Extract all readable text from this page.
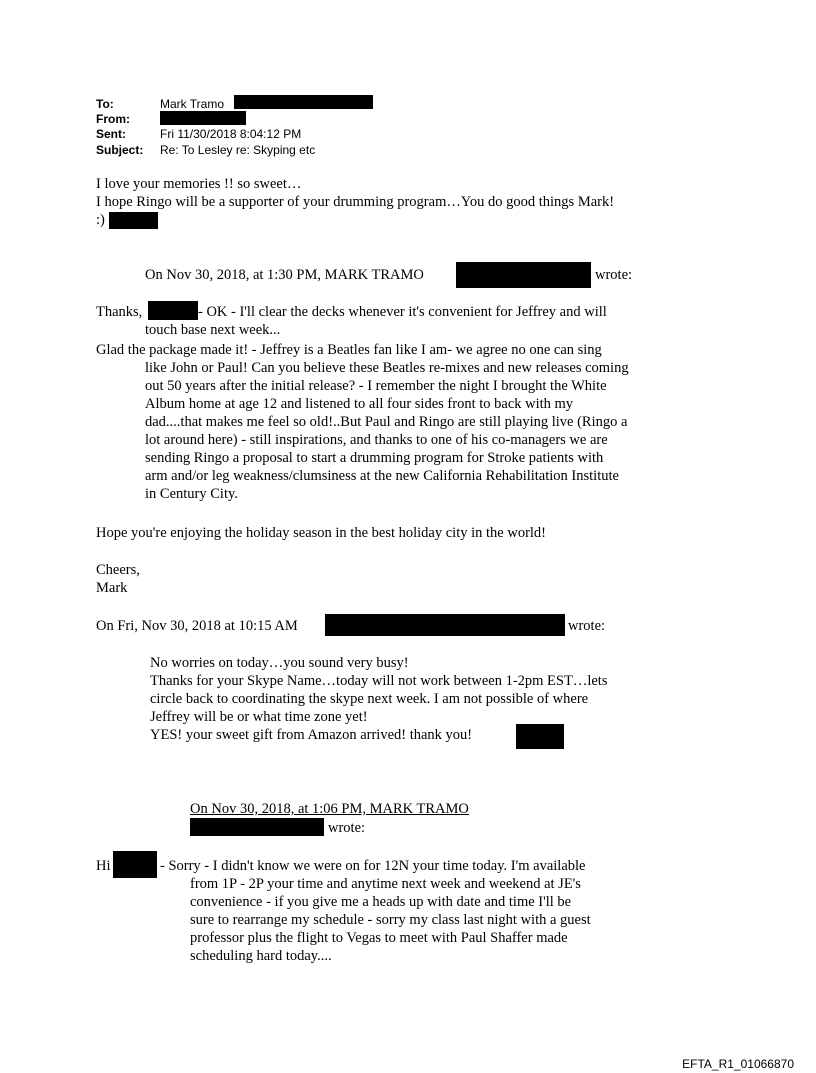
To:	Mark Tramo
From:
Sent:	Fri 11/30/2018 8:04:12 PM
Subject: Re: To Lesley re: Skyping etc
I love your memories !! so sweet…
I hope Ringo will be a supporter of your drumming program…You do good things Mark!
:)
On Nov 30, 2018, at 1:30 PM, MARK TRAMO	wrote:
Thanks,	- OK - I'll clear the decks whenever it's convenient for Jeffrey and will
touch base next week...
Glad the package made it! - Jeffrey is a Beatles fan like I am- we agree no one can sing
like John or Paul! Can you believe these Beatles re-mixes and new releases coming
out 50 years after the initial release? - I remember the night I brought the White
Album home at age 12 and listened to all four sides front to back with my
dad....that makes me feel so old!..But Paul and Ringo are still playing live (Ringo a
lot around here) - still inspirations, and thanks to one of his co-managers we are
sending Ringo a proposal to start a drumming program for Stroke patients with
arm and/or leg weakness/clumsiness at the new California Rehabilitation Institute
in Century City.
Hope you're enjoying the holiday season in the best holiday city in the world!
Cheers,
Mark
On Fri, Nov 30, 2018 at 10:15 AM	wrote:
No worries on today…you sound very busy!
Thanks for your Skype Name…today will not work between 1-2pm EST…lets
circle back to coordinating the skype next week. I am not possible of where
Jeffrey will be or what time zone yet!
YES! your sweet gift from Amazon arrived! thank you!
On Nov 30, 2018, at 1:06 PM, MARK TRAMO
wrote:
Hi	- Sorry - I didn't know we were on for 12N your time today. I'm available
from 1P - 2P your time and anytime next week and weekend at JE's
convenience - if you give me a heads up with date and time I'll be
sure to rearrange my schedule - sorry my class last night with a guest
professor plus the flight to Vegas to meet with Paul Shaffer made
scheduling hard today....
EFTA_R1_01066870
